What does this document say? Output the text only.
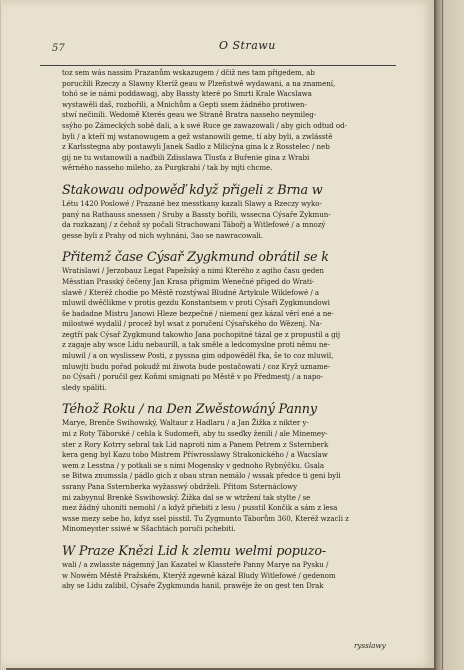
57	O Strawu
toz sem wás nassim Prazanům wskazugem / dčiž nes tam přigedem, ab
porucžili Rzeczy a Slawny Kteríž geau w Plzeňstwě wydawani, a na znamení,
tohó se ie námi poddawagj, aby Bassty které po Smrti Krale Wacslawa
wystawěli daš, rozbořili, a Mnichům a Gepti ssem žádného protiwen-
stwí nečinili. Wedomě Kterés geau we Straně Bratra nasseho neymileg-
ssýho po Zámeckých sobě dali, a k swé Ruce ge zawazowali / aby gich odtud od-
byli / a kteří mj wstanowugem a gež wstanowili geme, tí aby byli, a zwlásstě
z Karlsstegna aby postawyli Janek Sadlo z Milicýna gina k z Rosstelec / neb
gij ne tu wstanowili a naďbili Zdisslawa Tlusťa z Buřenie gina z Wrabi
wěrného nasseho mileho, za Purgkrabi / tak by mjti chcme.
Stakowau odpowěď když přigeli z Brna w
Létu 1420 Poslowé / Prazané bez messtkany kazali Slawy a Rzeczy wyko-
paný na Rathauss snessen / Sruby a Bassty bořili, wssecna Cýsaře Zykmun-
da rozkazanj / z čehož sy počali Strachowaní Tábořj a Witlefowé / a mnozý
gesse byli z Prahy od nich wyhnáni, 3ao se nawracowali.
Přitemž čase Cýsař Zygkmund obrátil se k
Wratislawi / Jerzobauz Legat Papežský a nimi Kterého z agiho času geden
Měsstian Prasský čečeny Jan Krasa přigmim Wenečné přiged do Wrati-
slawě / Kteréž chodie po Městě rozstýwal Bludné Artykule Wiklefowé / a
mluwil dwěčlikme v protis gezdu Konstantsem v proti Cýsaři Zygkmundowi
še badadne Mistru Janowi Hleze bezpečné / niemení gez kázal věrí ené a ne-
milostwé wydalil / procež byl wsat z poručení Cýsařského do Wězenj. Na-
zegtří pak Cýsař Zygkmund takowho Jana pochopitné tázal ge z propustil a gij
z zagaje aby wsce Lidu nebaurill, a tak směle a ledcomyslne proti němu ne-
mluwil / a on wyslissew Posti, z pyssna gim odpowěděl řka, še to coz mluwil,
mluwjti budu pořad pokudž mi žiwota bude postačowati / coz Kryž uzname-
no Cýsaři / poručil gez Koňmi smignati po Městě v po Předmestj / a napo-
sledy spáliti.
Téhož Roku / na Den Zwěstowáný Panny
Marye, Brenče Swihowský, Waltaur z Hadlaru / a Jan Žižka z nikter y-
mi z Roty Táborské / cehla k Sudomeři, aby tu sseďky ženili / ale Minemey-
ster z Rory Kotrry sebral tak Lid naproti nim a Panem Petrem z Ssternberk
kera geng byl Kazu tobo Mistrem Příwrosslawy Strakonického / a Wacslaw
wem z Lesstna / y potkali se s nimi Mogensky v gednoho Rybnýčku. Gsala
se Bitwa znumssla / pádlo gich z obau stran nemálo / wssak předce ti geni byli
ssrany Pana Ssternberka wyžasswý obdrželi. Přitom Ssternáclowy
mi zabyynul Brenké Sswihowský. Žižka dal se w wtržení tak stylte / se
mez žádný uhoniti nemohl / a když přiebiti z lesu / pusstil Končik a sám z lesa
wsse mezy sebe ho, kdyz ssel pisstil. Tu Zygmunto Táborům 360, Kteréž wzacli z
Minomeyster ssiwé w Sšachtách poruči pchebiti.
W Praze Knězi Lid k zlemu welmi popuzo-
wali / a zwlasste nágemný Jan Kazatel w Klassteře Panny Marye na Pysku /
w Nowém Městě Pražském, Kterýž zgewně kázal Bludy Witlefowé / gedenom
aby se Lidu zalibil, Cýsaře Zygkmunda hanil, prawěje že on gest ten Drak
rysslawy
